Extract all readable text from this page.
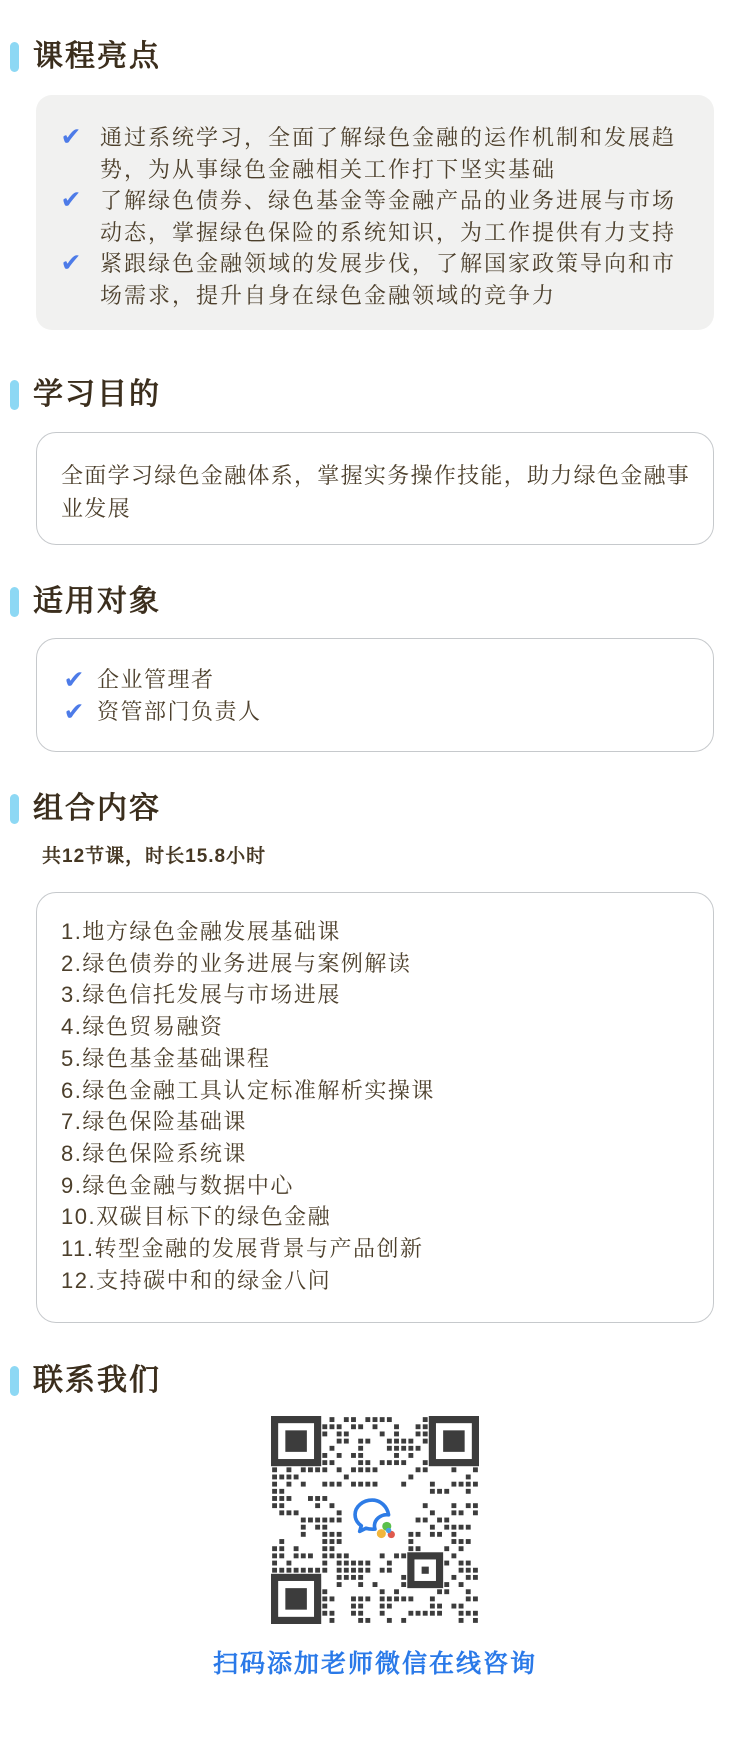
课程亮点
✔ 通过系统学习，全面了解绿色金融的运作机制和发展趋势，为从事绿色金融相关工作打下坚实基础
✔ 了解绿色债券、绿色基金等金融产品的业务进展与市场动态，掌握绿色保险的系统知识，为工作提供有力支持
✔ 紧跟绿色金融领域的发展步伐，了解国家政策导向和市场需求，提升自身在绿色金融领域的竞争力
学习目的

全面学习绿色金融体系，掌握实务操作技能，助力绿色金融事业发展

适用对象
✔ 企业管理者
✔ 资管部门负责人
组合内容

共12节课，时长15.8小时

1.地方绿色金融发展基础课
2.绿色债券的业务进展与案例解读
3.绿色信托发展与市场进展
4.绿色贸易融资
5.绿色基金基础课程
6.绿色金融工具认定标准解析实操课
7.绿色保险基础课
8.绿色保险系统课
9.绿色金融与数据中心
10.双碳目标下的绿色金融
11.转型金融的发展背景与产品创新
12.支持碳中和的绿金八问
联系我们

扫码添加老师微信在线咨询
